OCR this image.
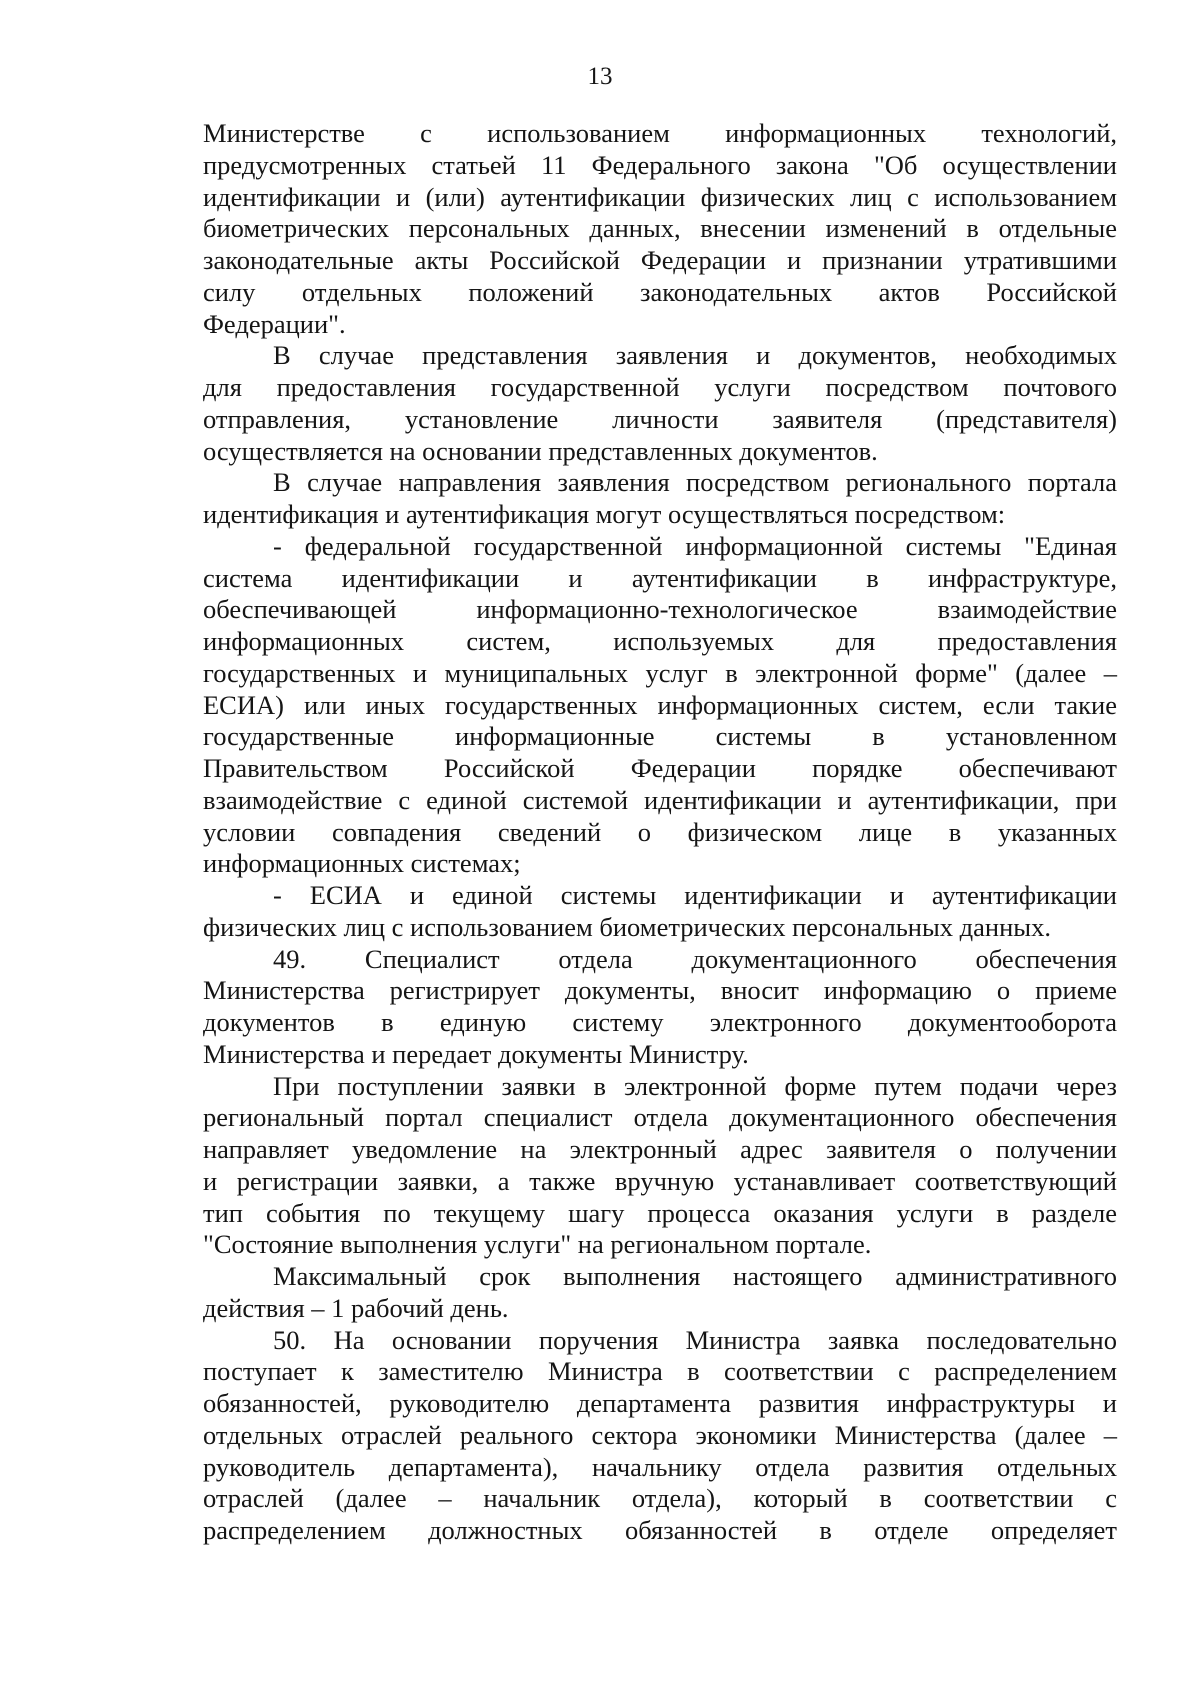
13
Министерстве с использованием информационных технологий,
предусмотренных статьей 11 Федерального закона "Об осуществлении
идентификации и (или) аутентификации физических лиц с использованием
биометрических персональных данных, внесении изменений в отдельные
законодательные акты Российской Федерации и признании утратившими
силу отдельных положений законодательных актов Российской
Федерации".
В случае представления заявления и документов, необходимых
для предоставления государственной услуги посредством почтового
отправления, установление личности заявителя (представителя)
осуществляется на основании представленных документов.
В случае направления заявления посредством регионального портала
идентификация и аутентификация могут осуществляться посредством:
- федеральной государственной информационной системы "Единая
система идентификации и аутентификации в инфраструктуре,
обеспечивающей информационно-технологическое взаимодействие
информационных систем, используемых для предоставления
государственных и муниципальных услуг в электронной форме" (далее –
ЕСИА) или иных государственных информационных систем, если такие
государственные информационные системы в установленном
Правительством Российской Федерации порядке обеспечивают
взаимодействие с единой системой идентификации и аутентификации, при
условии совпадения сведений о физическом лице в указанных
информационных системах;
- ЕСИА и единой системы идентификации и аутентификации
физических лиц с использованием биометрических персональных данных.
49. Специалист отдела документационного обеспечения
Министерства регистрирует документы, вносит информацию о приеме
документов в единую систему электронного документооборота
Министерства и передает документы Министру.
При поступлении заявки в электронной форме путем подачи через
региональный портал специалист отдела документационного обеспечения
направляет уведомление на электронный адрес заявителя о получении
и регистрации заявки, а также вручную устанавливает соответствующий
тип события по текущему шагу процесса оказания услуги в разделе
"Состояние выполнения услуги" на региональном портале.
Максимальный срок выполнения настоящего административного
действия – 1 рабочий день.
50. На основании поручения Министра заявка последовательно
поступает к заместителю Министра в соответствии с распределением
обязанностей, руководителю департамента развития инфраструктуры и
отдельных отраслей реального сектора экономики Министерства (далее –
руководитель департамента), начальнику отдела развития отдельных
отраслей (далее – начальник отдела), который в соответствии с
распределением должностных обязанностей в отделе определяет
